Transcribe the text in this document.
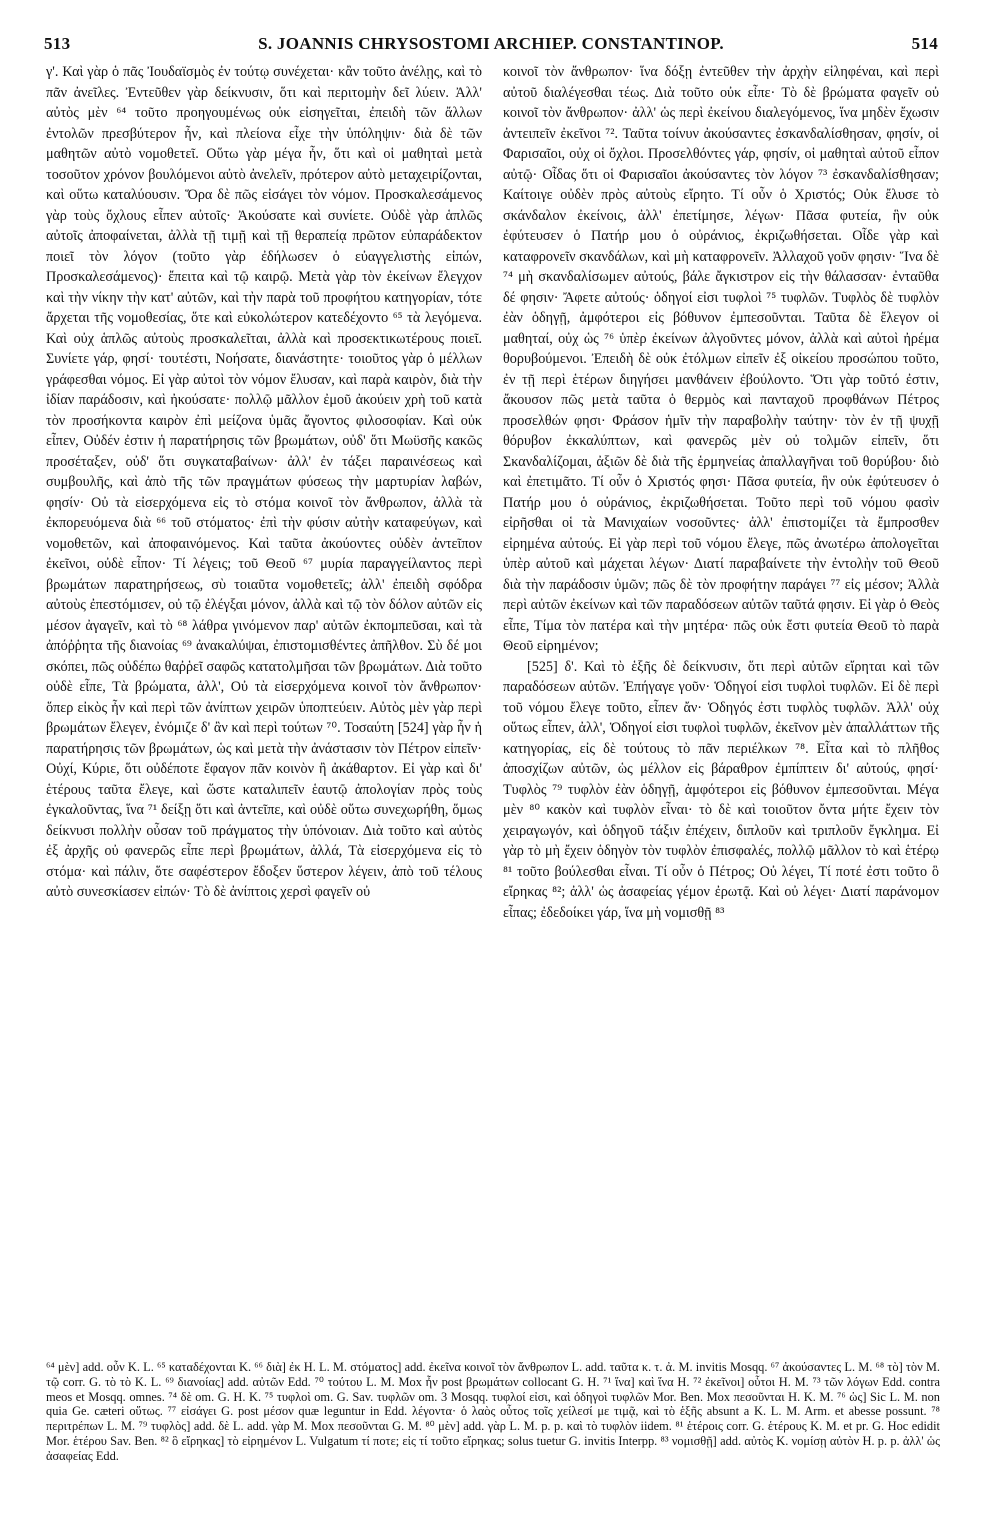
513	S. JOANNIS CHRYSOSTOMI ARCHIEP. CONSTANTINOP.	514

γ'. Καὶ γὰρ ὁ πᾶς Ἰουδαϊσμὸς ἐν τούτῳ συνέχεται· κἂν τοῦτο ἀνέλῃς, καὶ τὸ πᾶν ἀνεῖλες. Ἐντεῦθεν γὰρ δείκνυσιν, ὅτι καὶ περιτομὴν δεῖ λύειν. Ἀλλ' αὐτὸς μὲν ⁶⁴ τοῦτο προηγουμένως οὐκ εἰσηγεῖται, ἐπειδὴ τῶν ἄλλων ἐντολῶν πρεσβύτερον ἦν, καὶ πλείονα εἶχε τὴν ὑπόληψιν· διὰ δὲ τῶν μαθητῶν αὐτὸ νομοθετεῖ. Οὕτω γὰρ μέγα ἦν, ὅτι καὶ οἱ μαθηταὶ μετὰ τοσοῦτον χρόνον βουλόμενοι αὐτὸ ἀνελεῖν, πρότερον αὐτὸ μεταχειρίζονται, καὶ οὕτω καταλύουσιν. Ὅρα δὲ πῶς εἰσάγει τὸν νόμον. Προσκαλεσάμενος γὰρ τοὺς ὄχλους εἶπεν αὐτοῖς· Ἀκούσατε καὶ συνίετε. Οὐδὲ γὰρ ἁπλῶς αὐτοῖς ἀποφαίνεται, ἀλλὰ τῇ τιμῇ καὶ τῇ θεραπείᾳ πρῶτον εὐπαράδεκτον ποιεῖ τὸν λόγον (τοῦτο γὰρ ἐδήλωσεν ὁ εὐαγγελιστὴς εἰπών, Προσκαλεσάμενος)· ἔπειτα καὶ τῷ καιρῷ. Μετὰ γὰρ τὸν ἐκείνων ἔλεγχον καὶ τὴν νίκην τὴν κατ' αὐτῶν, καὶ τὴν παρὰ τοῦ προφήτου κατηγορίαν, τότε ἄρχεται τῆς νομοθεσίας, ὅτε καὶ εὐκολώτερον κατεδέχοντο ⁶⁵ τὰ λεγόμενα. Καὶ οὐχ ἁπλῶς αὐτοὺς προσκαλεῖται, ἀλλὰ καὶ προσεκτικωτέρους ποιεῖ. Συνίετε γάρ, φησί· τουτέστι, Νοήσατε, διανάστητε· τοιοῦτος γὰρ ὁ μέλλων γράφεσθαι νόμος. Εἰ γὰρ αὐτοὶ τὸν νόμον ἔλυσαν, καὶ παρὰ καιρὸν, διὰ τὴν ἰδίαν παράδοσιν, καὶ ἠκούσατε· πολλῷ μᾶλλον ἐμοῦ ἀκούειν χρὴ τοῦ κατὰ τὸν προσήκοντα καιρὸν ἐπὶ μείζονα ὑμᾶς ἄγοντος φιλοσοφίαν. Καὶ οὐκ εἶπεν, Οὐδέν ἐστιν ἡ παρατήρησις τῶν βρωμάτων, οὐδ' ὅτι Μωϋσῆς κακῶς προσέταξεν, οὐδ' ὅτι συγκαταβαίνων· ἀλλ' ἐν τάξει παραινέσεως καὶ συμβουλῆς, καὶ ἀπὸ τῆς τῶν πραγμάτων φύσεως τὴν μαρτυρίαν λαβών, φησίν· Οὐ τὰ εἰσερχόμενα εἰς τὸ στόμα κοινοῖ τὸν ἄνθρωπον, ἀλλὰ τὰ ἐκπορευόμενα διὰ ⁶⁶ τοῦ στόματος· ἐπὶ τὴν φύσιν αὐτὴν καταφεύγων, καὶ νομοθετῶν, καὶ ἀποφαινόμενος. Καὶ ταῦτα ἀκούοντες οὐδὲν ἀντεῖπον ἐκεῖνοι, οὐδὲ εἶπον· Τί λέγεις; τοῦ Θεοῦ ⁶⁷ μυρία παραγγείλαντος περὶ βρωμάτων παρατηρήσεως, σὺ τοιαῦτα νομοθετεῖς; ἀλλ' ἐπειδὴ σφόδρα αὐτοὺς ἐπεστόμισεν, οὐ τῷ ἐλέγξαι μόνον, ἀλλὰ καὶ τῷ τὸν δόλον αὐτῶν εἰς μέσον ἀγαγεῖν, καὶ τὸ ⁶⁸ λάθρα γινόμενον παρ' αὐτῶν ἐκπομπεῦσαι, καὶ τὰ ἀπόῤῥητα τῆς διανοίας ⁶⁹ ἀνακαλύψαι, ἐπιστομισθέντες ἀπῆλθον. Σὺ δέ μοι σκόπει, πῶς οὐδέπω θαῤῥεῖ σαφῶς κατατολμῆσαι τῶν βρωμάτων. Διὰ τοῦτο οὐδὲ εἶπε, Τὰ βρώματα, ἀλλ', Οὐ τὰ εἰσερχόμενα κοινοῖ τὸν ἄνθρωπον· ὅπερ εἰκὸς ἦν καὶ περὶ τῶν ἀνίπτων χειρῶν ὑποπτεύειν. Αὐτὸς μὲν γὰρ περὶ βρωμάτων ἔλεγεν, ἐνόμιζε δ' ἂν καὶ περὶ τούτων ⁷⁰. Τοσαύτη [524] γὰρ ἦν ἡ παρατήρησις τῶν βρωμάτων, ὡς καὶ μετὰ τὴν ἀνάστασιν τὸν Πέτρον εἰπεῖν· Οὐχί, Κύριε, ὅτι οὐδέποτε ἔφαγον πᾶν κοινὸν ἢ ἀκάθαρτον. Εἰ γὰρ καὶ δι' ἑτέρους ταῦτα ἔλεγε, καὶ ὥστε καταλιπεῖν ἑαυτῷ ἀπολογίαν πρὸς τοὺς ἐγκαλοῦντας, ἵνα ⁷¹ δείξῃ ὅτι καὶ ἀντεῖπε, καὶ οὐδὲ οὕτω συνεχωρήθη, ὅμως δείκνυσι πολλὴν οὖσαν τοῦ πράγματος τὴν ὑπόνοιαν. Διὰ τοῦτο καὶ αὐτὸς ἐξ ἀρχῆς οὐ φανερῶς εἶπε περὶ βρωμάτων, ἀλλά, Τὰ εἰσερχόμενα εἰς τὸ στόμα· καὶ πάλιν, ὅτε σαφέστερον ἔδοξεν ὕστερον λέγειν, ἀπὸ τοῦ τέλους αὐτὸ συνεσκίασεν εἰπών· Τὸ δὲ ἀνίπτοις χερσὶ φαγεῖν οὐ

κοινοῖ τὸν ἄνθρωπον· ἵνα δόξῃ ἐντεῦθεν τὴν ἀρχὴν εἰληφέναι, καὶ περὶ αὐτοῦ διαλέγεσθαι τέως. Διὰ τοῦτο οὐκ εἶπε· Τὸ δὲ βρώματα φαγεῖν οὐ κοινοῖ τὸν ἄνθρωπον· ἀλλ' ὡς περὶ ἐκείνου διαλεγόμενος, ἵνα μηδὲν ἔχωσιν ἀντειπεῖν ἐκεῖνοι ⁷². Ταῦτα τοίνυν ἀκούσαντες ἐσκανδαλίσθησαν, φησίν, οἱ Φαρισαῖοι, οὐχ οἱ ὄχλοι. Προσελθόντες γάρ, φησίν, οἱ μαθηταὶ αὐτοῦ εἶπον αὐτῷ· Οἶδας ὅτι οἱ Φαρισαῖοι ἀκούσαντες τὸν λόγον ⁷³ ἐσκανδαλίσθησαν; Καίτοιγε οὐδὲν πρὸς αὐτοὺς εἴρητο. Τί οὖν ὁ Χριστός; Οὐκ ἔλυσε τὸ σκάνδαλον ἐκείνοις, ἀλλ' ἐπετίμησε, λέγων· Πᾶσα φυτεία, ἣν οὐκ ἐφύτευσεν ὁ Πατήρ μου ὁ οὐράνιος, ἐκριζωθήσεται. Οἶδε γὰρ καὶ καταφρονεῖν σκανδάλων, καὶ μὴ καταφρονεῖν. Ἀλλαχοῦ γοῦν φησιν· Ἵνα δὲ ⁷⁴ μὴ σκανδαλίσωμεν αὐτούς, βάλε ἄγκιστρον εἰς τὴν θάλασσαν· ἐνταῦθα δέ φησιν· Ἄφετε αὐτούς· ὁδηγοί εἰσι τυφλοὶ ⁷⁵ τυφλῶν. Τυφλὸς δὲ τυφλὸν ἐὰν ὁδηγῇ, ἀμφότεροι εἰς βόθυνον ἐμπεσοῦνται. Ταῦτα δὲ ἔλεγον οἱ μαθηταί, οὐχ ὡς ⁷⁶ ὑπὲρ ἐκείνων ἀλγοῦντες μόνον, ἀλλὰ καὶ αὐτοὶ ἠρέμα θορυβούμενοι. Ἐπειδὴ δὲ οὐκ ἐτόλμων εἰπεῖν ἐξ οἰκείου προσώπου τοῦτο, ἐν τῇ περὶ ἑτέρων διηγήσει μανθάνειν ἐβούλοντο. Ὅτι γὰρ τοῦτό ἐστιν, ἄκουσον πῶς μετὰ ταῦτα ὁ θερμὸς καὶ πανταχοῦ προφθάνων Πέτρος προσελθών φησι· Φράσον ἡμῖν τὴν παραβολὴν ταύτην· τὸν ἐν τῇ ψυχῇ θόρυβον ἐκκαλύπτων, καὶ φανερῶς μὲν οὐ τολμῶν εἰπεῖν, ὅτι Σκανδαλίζομαι, ἀξιῶν δὲ διὰ τῆς ἑρμηνείας ἀπαλλαγῆναι τοῦ θορύβου· διὸ καὶ ἐπετιμᾶτο. Τί οὖν ὁ Χριστός φησι· Πᾶσα φυτεία, ἣν οὐκ ἐφύτευσεν ὁ Πατήρ μου ὁ οὐράνιος, ἐκριζωθήσεται. Τοῦτο περὶ τοῦ νόμου φασὶν εἰρῆσθαι οἱ τὰ Μανιχαίων νοσοῦντες· ἀλλ' ἐπιστομίζει τὰ ἔμπροσθεν εἰρημένα αὐτούς. Εἰ γὰρ περὶ τοῦ νόμου ἔλεγε, πῶς ἀνωτέρω ἀπολογεῖται ὑπὲρ αὐτοῦ καὶ μάχεται λέγων· Διατί παραβαίνετε τὴν ἐντολὴν τοῦ Θεοῦ διὰ τὴν παράδοσιν ὑμῶν; πῶς δὲ τὸν προφήτην παράγει ⁷⁷ εἰς μέσον; Ἀλλὰ περὶ αὐτῶν ἐκείνων καὶ τῶν παραδόσεων αὐτῶν ταῦτά φησιν. Εἰ γὰρ ὁ Θεὸς εἶπε, Τίμα τὸν πατέρα καὶ τὴν μητέρα· πῶς οὐκ ἔστι φυτεία Θεοῦ τὸ παρὰ Θεοῦ εἰρημένον;

[525] δ'. Καὶ τὸ ἑξῆς δὲ δείκνυσιν, ὅτι περὶ αὐτῶν εἴρηται καὶ τῶν παραδόσεων αὐτῶν. Ἐπήγαγε γοῦν· Ὁδηγοί εἰσι τυφλοὶ τυφλῶν. Εἰ δὲ περὶ τοῦ νόμου ἔλεγε τοῦτο, εἶπεν ἄν· Ὁδηγός ἐστι τυφλὸς τυφλῶν. Ἀλλ' οὐχ οὕτως εἶπεν, ἀλλ', Ὁδηγοί εἰσι τυφλοὶ τυφλῶν, ἐκεῖνον μὲν ἀπαλλάττων τῆς κατηγορίας, εἰς δὲ τούτους τὸ πᾶν περιέλκων ⁷⁸. Εἶτα καὶ τὸ πλῆθος ἀποσχίζων αὐτῶν, ὡς μέλλον εἰς βάραθρον ἐμπίπτειν δι' αὐτούς, φησί· Τυφλὸς ⁷⁹ τυφλὸν ἐὰν ὁδηγῇ, ἀμφότεροι εἰς βόθυνον ἐμπεσοῦνται. Μέγα μὲν ⁸⁰ κακὸν καὶ τυφλὸν εἶναι· τὸ δὲ καὶ τοιοῦτον ὄντα μήτε ἔχειν τὸν χειραγωγόν, καὶ ὁδηγοῦ τάξιν ἐπέχειν, διπλοῦν καὶ τριπλοῦν ἔγκλημα. Εἰ γὰρ τὸ μὴ ἔχειν ὁδηγὸν τὸν τυφλὸν ἐπισφαλές, πολλῷ μᾶλλον τὸ καὶ ἑτέρῳ ⁸¹ τοῦτο βούλεσθαι εἶναι. Τί οὖν ὁ Πέτρος; Οὐ λέγει, Τί ποτέ ἐστι τοῦτο ὃ εἴρηκας ⁸²; ἀλλ' ὡς ἀσαφείας γέμον ἐρωτᾷ. Καὶ οὐ λέγει· Διατί παράνομον εἶπας; ἐδεδοίκει γάρ, ἵνα μὴ νομισθῇ ⁸³

⁶⁴ μὲν] add. οὖν K. L. ⁶⁵ καταδέχονται K. ⁶⁶ διὰ] ἐκ H. L. M. στόματος] add. ἐκεῖνα κοινοῖ τὸν ἄνθρωπον L. add. ταῦτα κ. τ. ἀ. M. invitis Mosqq. ⁶⁷ ἀκούσαντες L. M. ⁶⁸ τὸ] τὸν M. τῷ corr. G. τὸ τὸ K. L. ⁶⁹ διανοίας] add. αὐτῶν Edd. ⁷⁰ τούτου L. M. Mox ἦν post βρωμάτων collocant G. H. ⁷¹ ἵνα] καὶ ἵνα H. ⁷² ἐκεῖνοι] οὗτοι H. M. ⁷³ τῶν λόγων Edd. contra meos et Mosqq. omnes. ⁷⁴ δὲ om. G. H. K. ⁷⁵ τυφλοὶ om. G. Sav. τυφλῶν om. 3 Mosqq. τυφλοί εἰσι, καὶ ὁδηγοὶ τυφλῶν Mor. Ben. Mox πεσοῦνται H. K. M. ⁷⁶ ὡς] Sic L. M. non quia Ge. cæteri οὕτως. ⁷⁷ εἰσάγει G. post μέσον quæ leguntur in Edd. λέγοντα· ὁ λαὸς οὗτος τοῖς χείλεσί με τιμᾷ, καὶ τὸ ἑξῆς absunt a K. L. M. Arm. et abesse possunt. ⁷⁸ περιτρέπων L. M. ⁷⁹ τυφλὸς] add. δὲ L. add. γὰρ M. Mox πεσοῦνται G. M. ⁸⁰ μὲν] add. γὰρ L. M. p. p. καὶ τὸ τυφλὸν iidem. ⁸¹ ἑτέροις corr. G. ἑτέρους K. M. et pr. G. Hoc edidit Mor. ἑτέρου Sav. Ben. ⁸² ὃ εἴρηκας] τὸ εἰρημένον L. Vulgatum τί ποτε; εἰς τί τοῦτο εἴρηκας; solus tuetur G. invitis Interpp. ⁸³ νομισθῇ] add. αὐτὸς K. νομίσῃ αὐτὸν H. p. p. ἀλλ' ὡς ἀσαφείας Edd.
